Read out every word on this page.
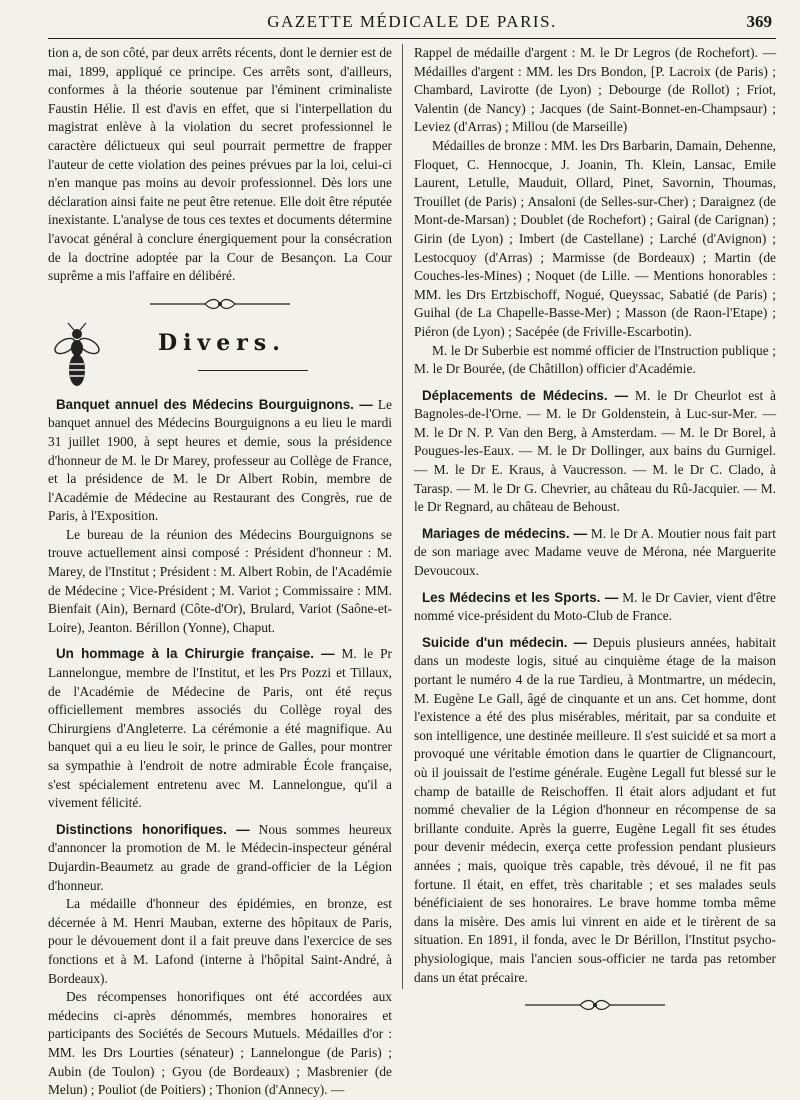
GAZETTE MÉDICALE DE PARIS.	369

tion a, de son côté, par deux arrêts récents, dont le dernier est de mai, 1899, appliqué ce principe. Ces arrêts sont, d'ailleurs, conformes à la théorie soutenue par l'éminent criminaliste Faustin Hélie. Il est d'avis en effet, que si l'interpellation du magistrat enlève à la violation du secret professionnel le caractère délictueux qui seul pourrait permettre de frapper l'auteur de cette violation des peines prévues par la loi, celui-ci n'en manque pas moins au devoir professionnel. Dès lors une déclaration ainsi faite ne peut être retenue. Elle doit être réputée inexistante. L'analyse de tous ces textes et documents détermine l'avocat général à conclure énergiquement pour la consécration de la doctrine adoptée par la Cour de Besançon. La Cour suprême a mis l'affaire en délibéré.

Divers.

Banquet annuel des Médecins Bourguignons. — Le banquet annuel des Médecins Bourguignons a eu lieu le mardi 31 juillet 1900, à sept heures et demie, sous la présidence d'honneur de M. le Dr Marey, professeur au Collège de France, et la présidence de M. le Dr Albert Robin, membre de l'Académie de Médecine au Restaurant des Congrès, rue de Paris, à l'Exposition.

Le bureau de la réunion des Médecins Bourguignons se trouve actuellement ainsi composé : Président d'honneur : M. Marey, de l'Institut ; Président : M. Albert Robin, de l'Académie de Médecine ; Vice-Président ; M. Variot ; Commissaire : MM. Bienfait (Ain), Bernard (Côte-d'Or), Brulard, Variot (Saône-et-Loire), Jeanton. Bérillon (Yonne), Chaput.

Un hommage à la Chirurgie française. — M. le Pr Lannelongue, membre de l'Institut, et les Prs Pozzi et Tillaux, de l'Académie de Médecine de Paris, ont été reçus officiellement membres associés du Collège royal des Chirurgiens d'Angleterre. La cérémonie a été magnifique. Au banquet qui a eu lieu le soir, le prince de Galles, pour montrer sa sympathie à l'endroit de notre admirable École française, s'est spécialement entretenu avec M. Lannelongue, qu'il a vivement félicité.

Distinctions honorifiques. — Nous sommes heureux d'annoncer la promotion de M. le Médecin-inspecteur général Dujardin-Beaumetz au grade de grand-officier de la Légion d'honneur.

La médaille d'honneur des épidémies, en bronze, est décernée à M. Henri Mauban, externe des hôpitaux de Paris, pour le dévouement dont il a fait preuve dans l'exercice de ses fonctions et à M. Lafond (interne à l'hôpital Saint-André, à Bordeaux).

Des récompenses honorifiques ont été accordées aux médecins ci-après dénommés, membres honoraires et participants des Sociétés de Secours Mutuels. Médailles d'or : MM. les Drs Lourties (sénateur) ; Lannelongue (de Paris) ; Aubin (de Toulon) ; Gyou (de Bordeaux) ; Masbrenier (de Melun) ; Pouliot (de Poitiers) ; Thonion (d'Annecy). —

Rappel de médaille d'argent : M. le Dr Legros (de Rochefort). — Médailles d'argent : MM. les Drs Bondon, [P. Lacroix (de Paris) ; Chambard, Lavirotte (de Lyon) ; Debourge (de Rollot) ; Friot, Valentin (de Nancy) ; Jacques (de Saint-Bonnet-en-Champsaur) ; Leviez (d'Arras) ; Millou (de Marseille)

Médailles de bronze : MM. les Drs Barbarin, Damain, Dehenne, Floquet, C. Hennocque, J. Joanin, Th. Klein, Lansac, Emile Laurent, Letulle, Mauduit, Ollard, Pinet, Savornin, Thoumas, Trouillet (de Paris) ; Ansaloni (de Selles-sur-Cher) ; Daraignez (de Mont-de-Marsan) ; Doublet (de Rochefort) ; Gairal (de Carignan) ; Girin (de Lyon) ; Imbert (de Castellane) ; Larché (d'Avignon) ; Lestocquoy (d'Arras) ; Marmisse (de Bordeaux) ; Martin (de Couches-les-Mines) ; Noquet (de Lille. — Mentions honorables : MM. les Drs Ertzbischoff, Nogué, Queyssac, Sabatié (de Paris) ; Guihal (de La Chapelle-Basse-Mer) ; Masson (de Raon-l'Etape) ; Piéron (de Lyon) ; Sacépée (de Friville-Escarbotin).

M. le Dr Suberbie est nommé officier de l'Instruction publique ; M. le Dr Bourée, (de Châtillon) officier d'Académie.

Déplacements de Médecins. — M. le Dr Cheurlot est à Bagnoles-de-l'Orne. — M. le Dr Goldenstein, à Luc-sur-Mer. — M. le Dr N. P. Van den Berg, à Amsterdam. — M. le Dr Borel, à Pougues-les-Eaux. — M. le Dr Dollinger, aux bains du Gurnigel. — M. le Dr E. Kraus, à Vaucresson. — M. le Dr C. Clado, à Tarasp. — M. le Dr G. Chevrier, au château du Rû-Jacquier. — M. le Dr Regnard, au château de Behoust.

Mariages de médecins. — M. le Dr A. Moutier nous fait part de son mariage avec Madame veuve de Mérona, née Marguerite Devoucoux.

Les Médecins et les Sports. — M. le Dr Cavier, vient d'être nommé vice-président du Moto-Club de France.

Suicide d'un médecin. — Depuis plusieurs années, habitait dans un modeste logis, situé au cinquième étage de la maison portant le numéro 4 de la rue Tardieu, à Montmartre, un médecin, M. Eugène Le Gall, âgé de cinquante et un ans. Cet homme, dont l'existence a été des plus misérables, méritait, par sa conduite et son intelligence, une destinée meilleure. Il s'est suicidé et sa mort a provoqué une véritable émotion dans le quartier de Clignancourt, où il jouissait de l'estime générale. Eugène Legall fut blessé sur le champ de bataille de Reischoffen. Il était alors adjudant et fut nommé chevalier de la Légion d'honneur en récompense de sa brillante conduite. Après la guerre, Eugène Legall fit ses études pour devenir médecin, exerça cette profession pendant plusieurs années ; mais, quoique très capable, très dévoué, il ne fit pas fortune. Il était, en effet, très charitable ; et ses malades seuls bénéficiaient de ses honoraires. Le brave homme tomba même dans la misère. Des amis lui vinrent en aide et le tirèrent de sa situation. En 1891, il fonda, avec le Dr Bérillon, l'Institut psycho-physiologique, mais l'ancien sous-officier ne tarda pas retomber dans un état précaire.
